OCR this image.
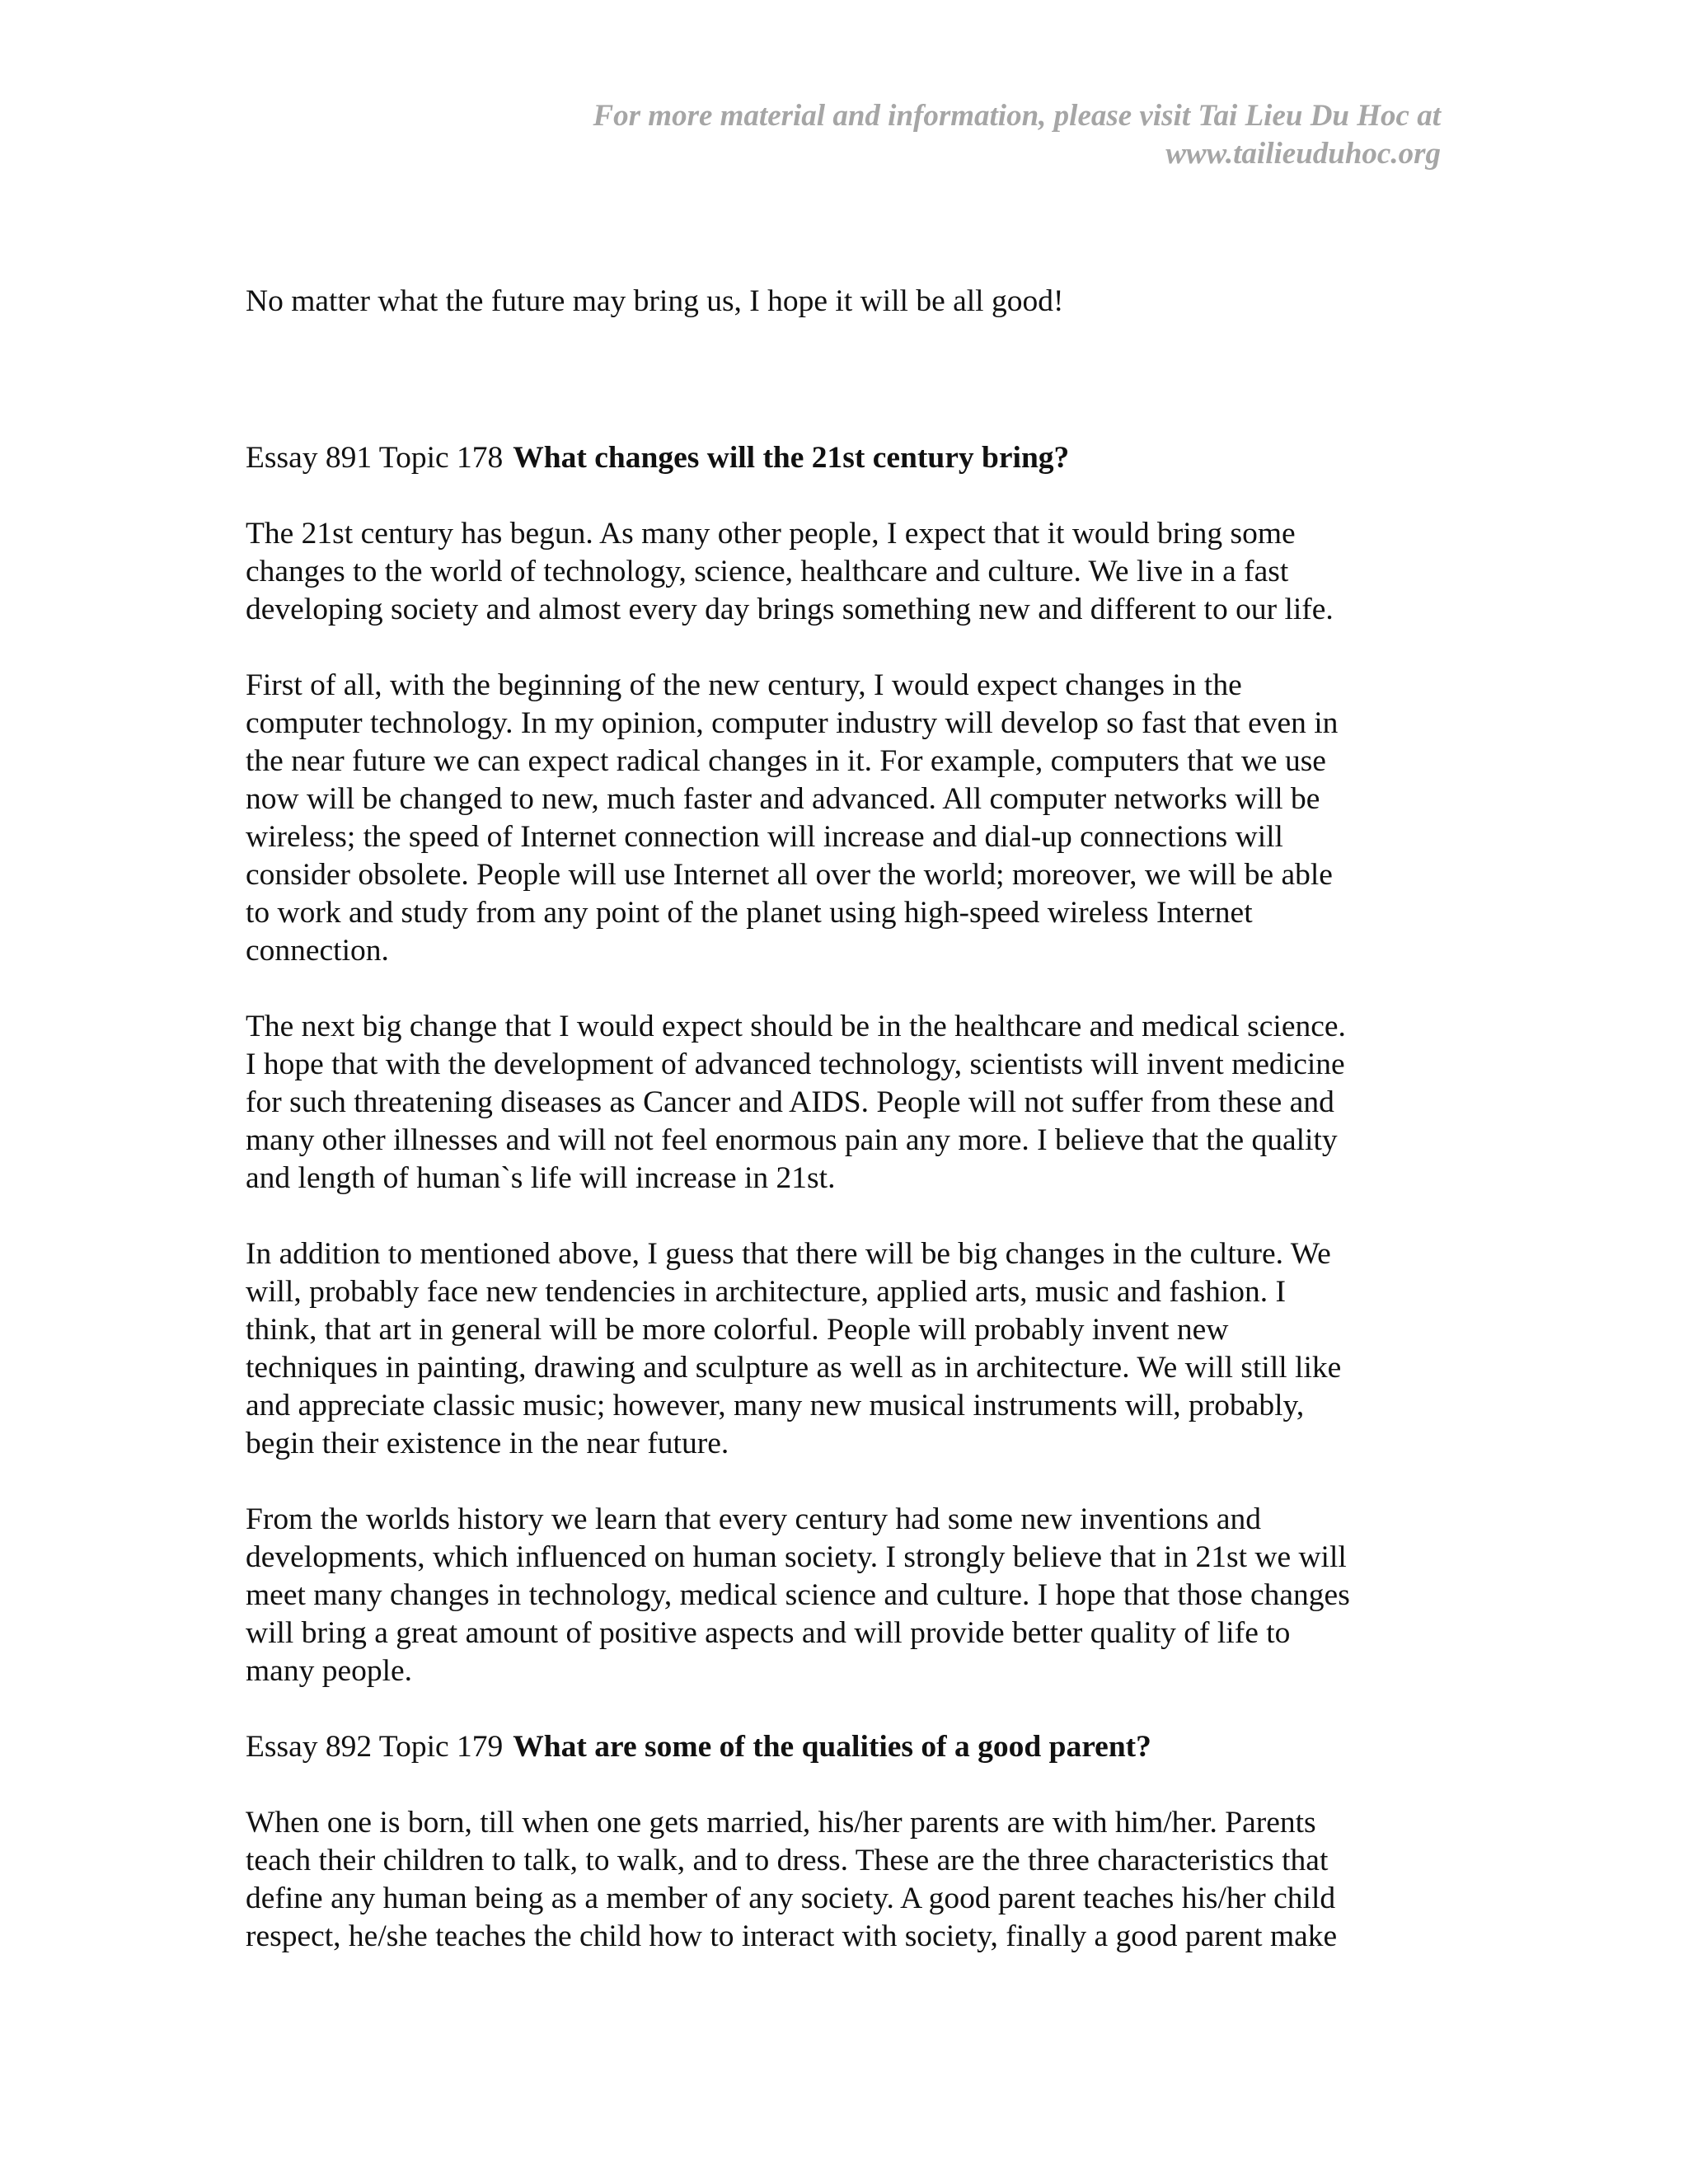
For more material and information, please visit Tai Lieu Du Hoc at
www.tailieuduhoc.org
No matter what the future may bring us, I hope it will be all good!
Essay 891 Topic 178 What changes will the 21st century bring?
The 21st century has begun. As many other people, I expect that it would bring some
changes to the world of technology, science, healthcare and culture. We live in a fast
developing society and almost every day brings something new and different to our life.
First of all, with the beginning of the new century, I would expect changes in the
computer technology. In my opinion, computer industry will develop so fast that even in
the near future we can expect radical changes in it. For example, computers that we use
now will be changed to new, much faster and advanced. All computer networks will be
wireless; the speed of Internet connection will increase and dial-up connections will
consider obsolete. People will use Internet all over the world; moreover, we will be able
to work and study from any point of the planet using high-speed wireless Internet
connection.
The next big change that I would expect should be in the healthcare and medical science.
I hope that with the development of advanced technology, scientists will invent medicine
for such threatening diseases as Cancer and AIDS. People will not suffer from these and
many other illnesses and will not feel enormous pain any more. I believe that the quality
and length of human`s life will increase in 21st.
In addition to mentioned above, I guess that there will be big changes in the culture. We
will, probably face new tendencies in architecture, applied arts, music and fashion. I
think, that art in general will be more colorful. People will probably invent new
techniques in painting, drawing and sculpture as well as in architecture. We will still like
and appreciate classic music; however, many new musical instruments will, probably,
begin their existence in the near future.
From the worlds history we learn that every century had some new inventions and
developments, which influenced on human society. I strongly believe that in 21st we will
meet many changes in technology, medical science and culture. I hope that those changes
will bring a great amount of positive aspects and will provide better quality of life to
many people.
Essay 892 Topic 179 What are some of the qualities of a good parent?
When one is born, till when one gets married, his/her parents are with him/her. Parents
teach their children to talk, to walk, and to dress. These are the three characteristics that
define any human being as a member of any society. A good parent teaches his/her child
respect, he/she teaches the child how to interact with society, finally a good parent make
